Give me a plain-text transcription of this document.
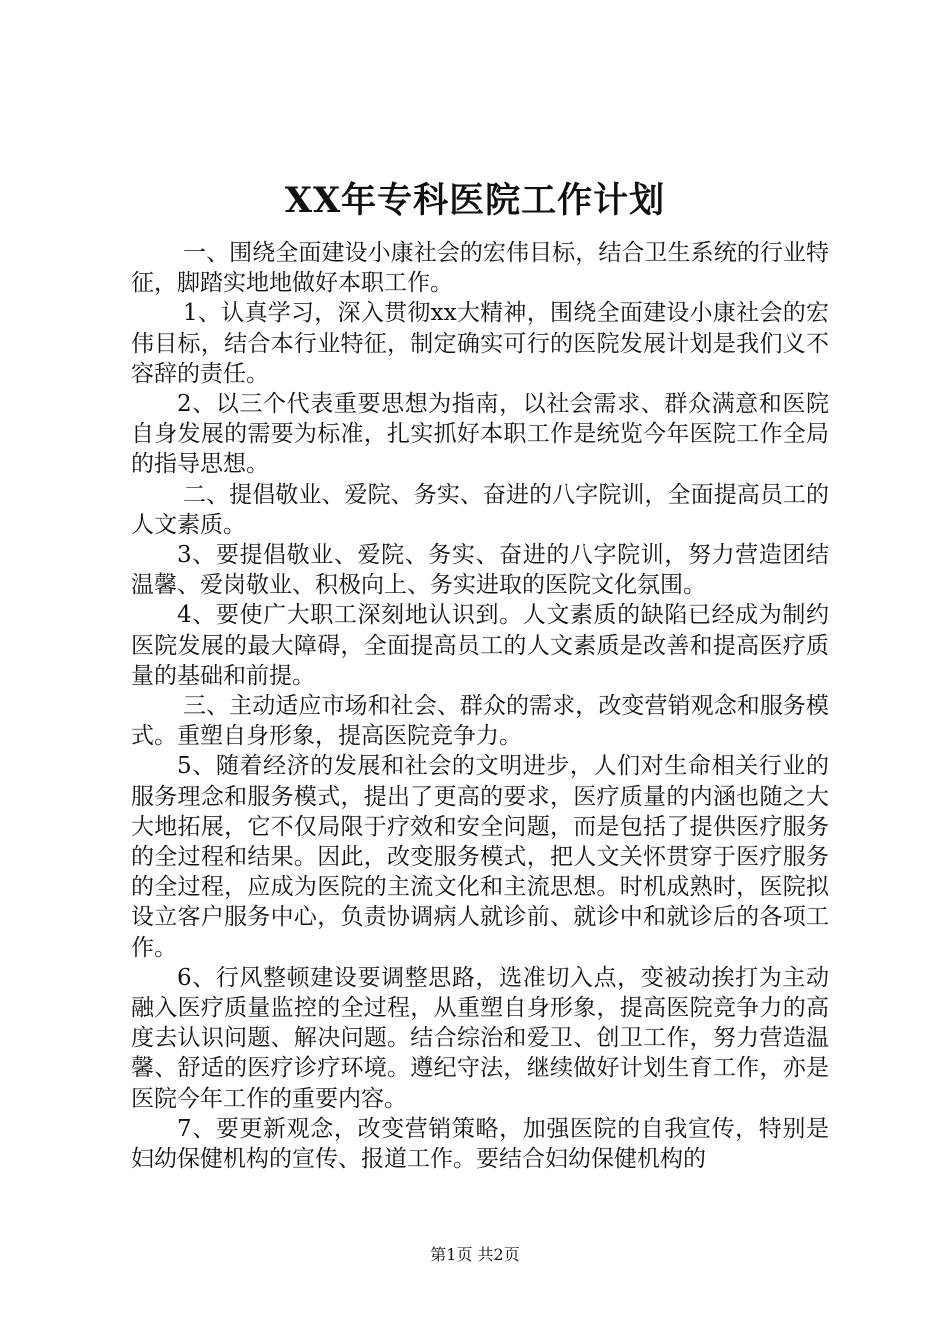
XX年专科医院工作计划

一、围绕全面建设小康社会的宏伟目标，结合卫生系统的行业特征，脚踏实地地做好本职工作。

1、认真学习，深入贯彻xx大精神，围绕全面建设小康社会的宏伟目标，结合本行业特征，制定确实可行的医院发展计划是我们义不容辞的责任。

2、以三个代表重要思想为指南，以社会需求、群众满意和医院自身发展的需要为标准，扎实抓好本职工作是统览今年医院工作全局的指导思想。

二、提倡敬业、爱院、务实、奋进的八字院训，全面提高员工的人文素质。

3、要提倡敬业、爱院、务实、奋进的八字院训，努力营造团结温馨、爱岗敬业、积极向上、务实进取的医院文化氛围。

4、要使广大职工深刻地认识到。人文素质的缺陷已经成为制约医院发展的最大障碍，全面提高员工的人文素质是改善和提高医疗质量的基础和前提。

三、主动适应市场和社会、群众的需求，改变营销观念和服务模式。重塑自身形象，提高医院竞争力。

5、随着经济的发展和社会的文明进步，人们对生命相关行业的服务理念和服务模式，提出了更高的要求，医疗质量的内涵也随之大大地拓展，它不仅局限于疗效和安全问题，而是包括了提供医疗服务的全过程和结果。因此，改变服务模式，把人文关怀贯穿于医疗服务的全过程，应成为医院的主流文化和主流思想。时机成熟时，医院拟设立客户服务中心，负责协调病人就诊前、就诊中和就诊后的各项工作。

6、行风整顿建设要调整思路，选准切入点，变被动挨打为主动融入医疗质量监控的全过程，从重塑自身形象，提高医院竞争力的高度去认识问题、解决问题。结合综治和爱卫、创卫工作，努力营造温馨、舒适的医疗诊疗环境。遵纪守法，继续做好计划生育工作，亦是医院今年工作的重要内容。

7、要更新观念，改变营销策略，加强医院的自我宣传，特别是妇幼保健机构的宣传、报道工作。要结合妇幼保健机构的

第1页 共2页
